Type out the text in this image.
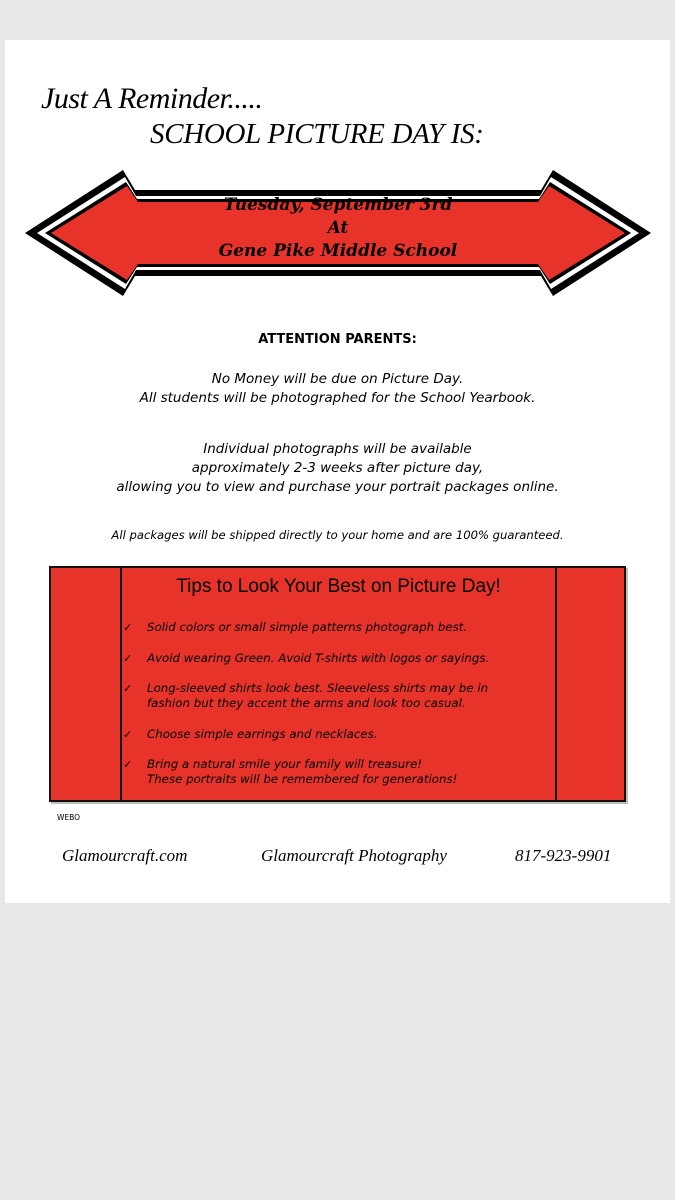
Just A Reminder.....
SCHOOL PICTURE DAY IS:
Tuesday, September 3rd
At
Gene Pike Middle School
ATTENTION PARENTS:
No Money will be due on Picture Day.
All students will be photographed for the School Yearbook.
Individual photographs will be available
approximately 2-3 weeks after picture day,
allowing you to view and purchase your portrait packages online.
All packages will be shipped directly to your home and are 100% guaranteed.
Tips to Look Your Best on Picture Day!
✓ Solid colors or small simple patterns photograph best.
✓ Avoid wearing Green. Avoid T-shirts with logos or sayings.
✓ Long-sleeved shirts look best. Sleeveless shirts may be in
fashion but they accent the arms and look too casual.
✓ Choose simple earrings and necklaces.
✓ Bring a natural smile your family will treasure!
These portraits will be remembered for generations!
WEBO
Glamourcraft.com	Glamourcraft Photography	817-923-9901
